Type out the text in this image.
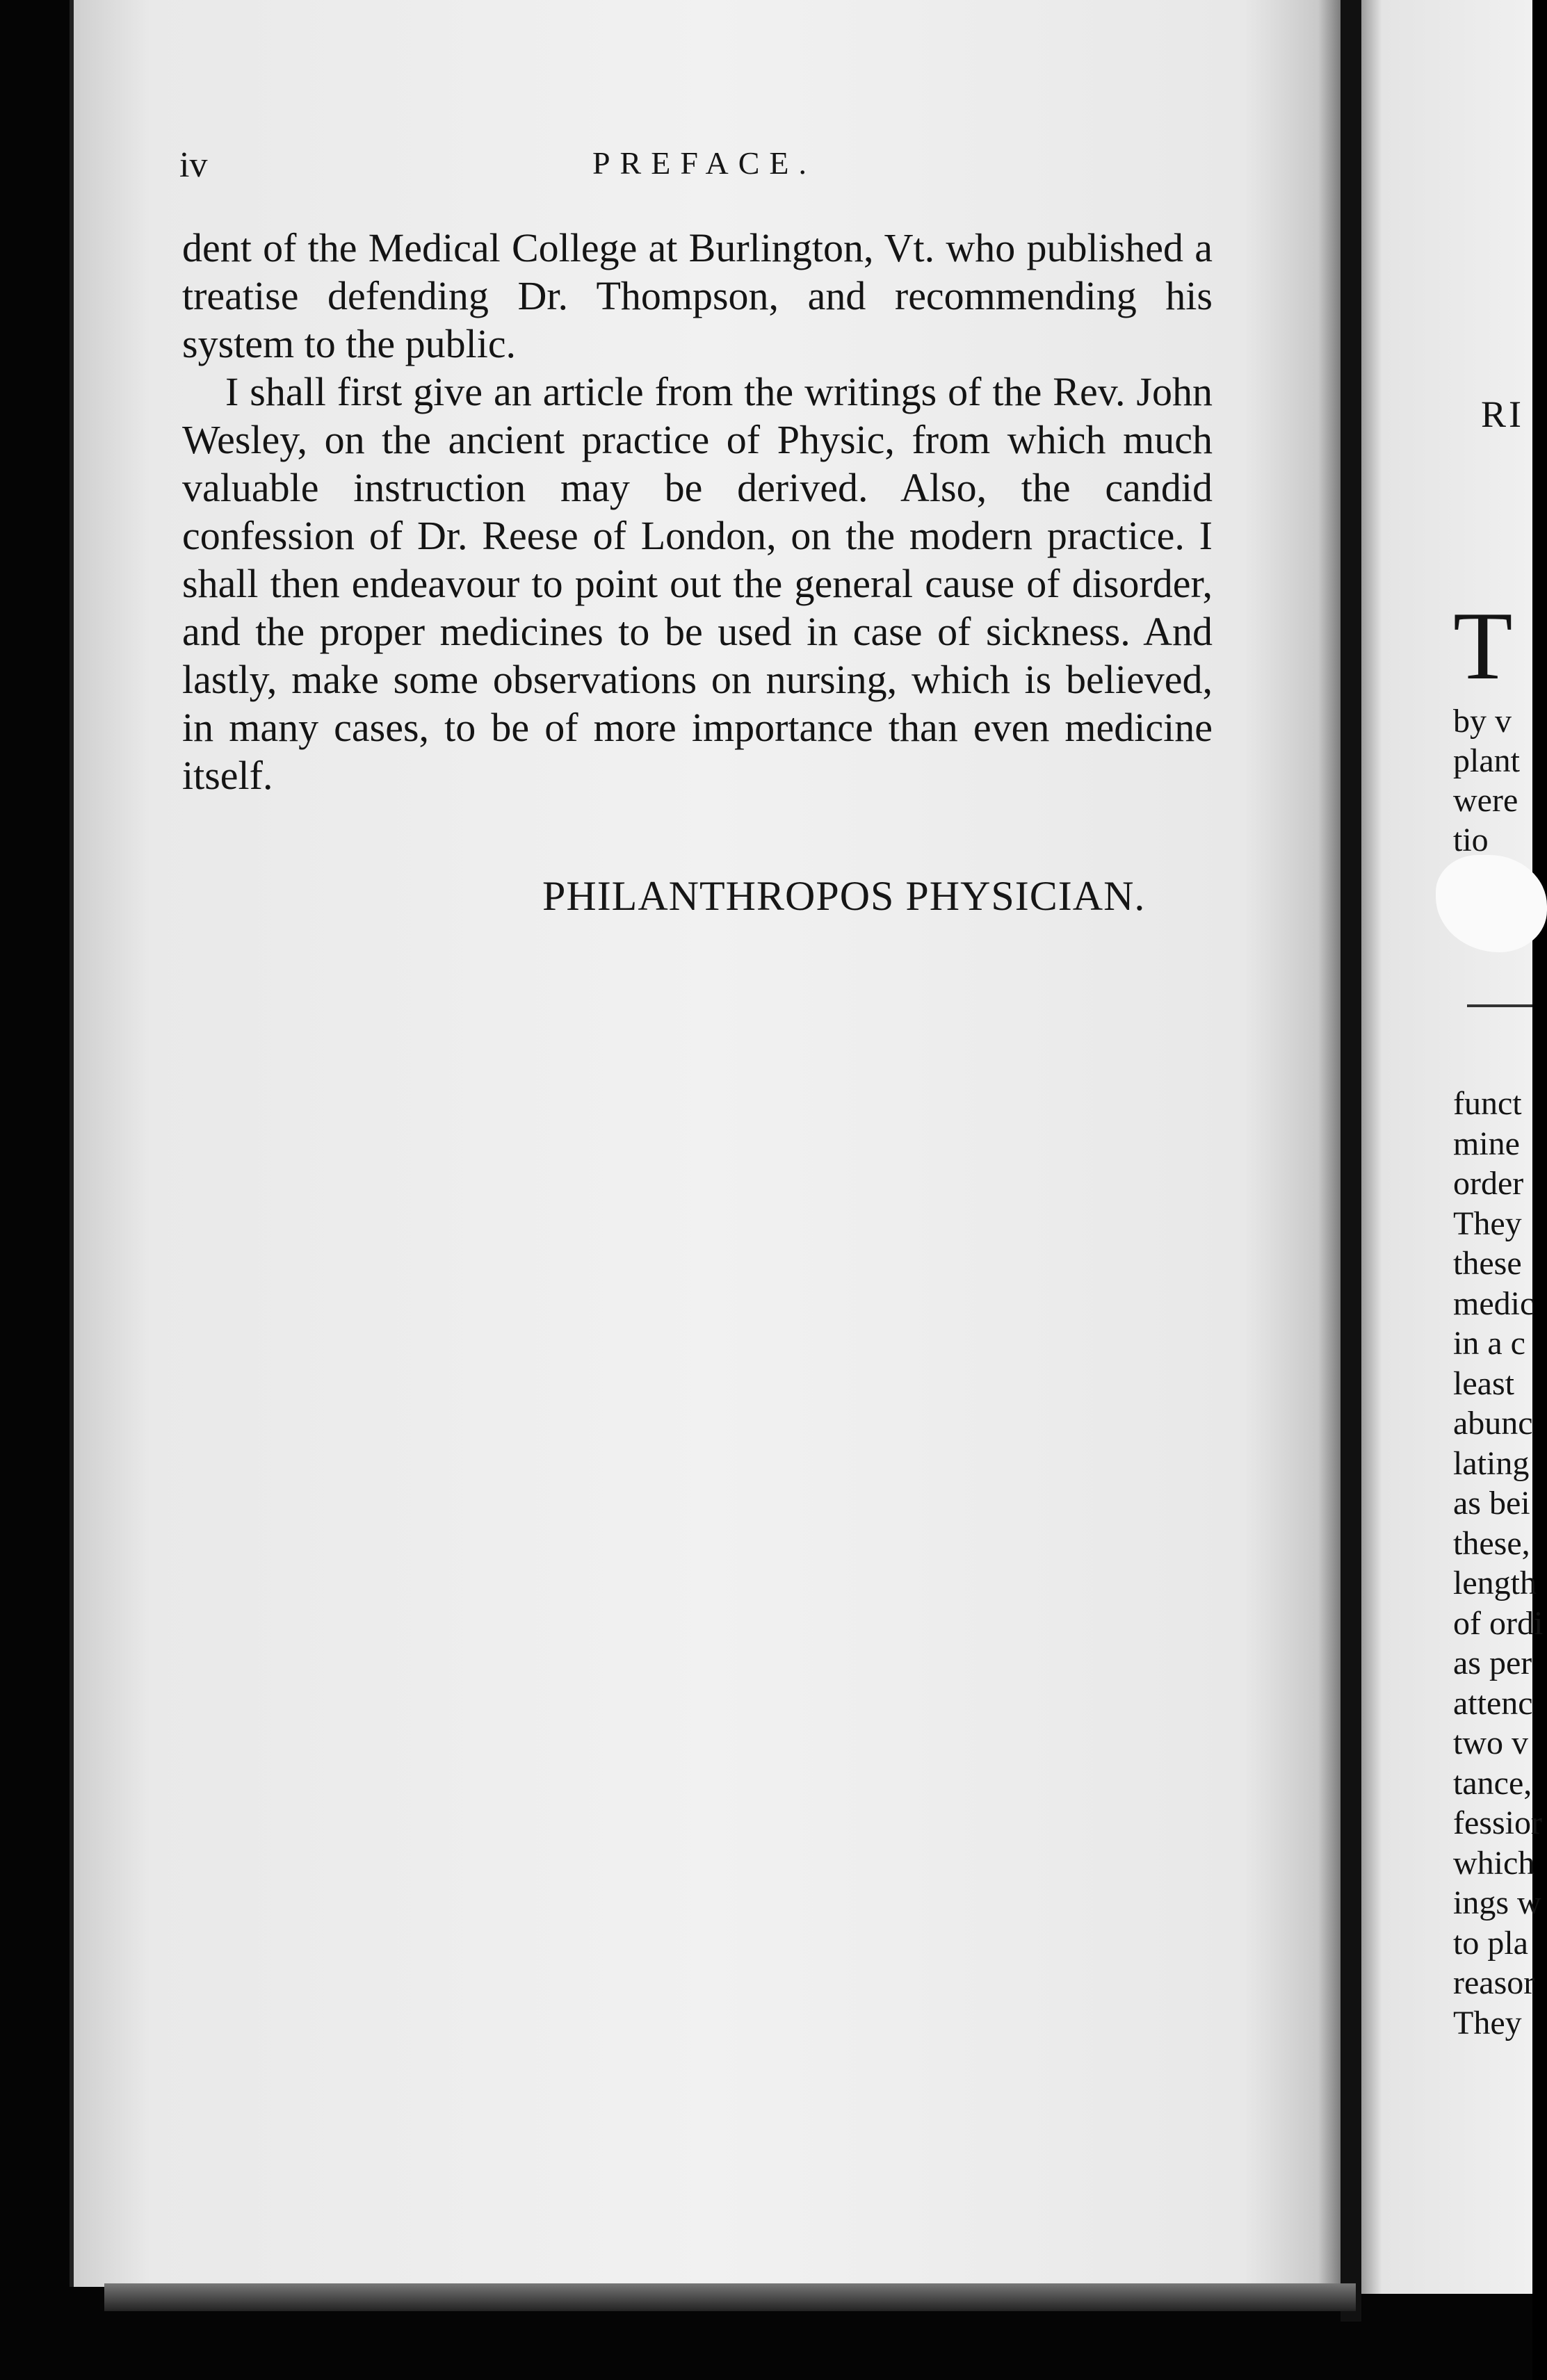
iv	PREFACE.

dent of the Medical College at Burlington, Vt. who published a treatise defending Dr. Thompson, and recommending his system to the public.

I shall first give an article from the writings of the Rev. John Wesley, on the ancient practice of Physic, from which much valuable instruction may be derived. Also, the candid confession of Dr. Reese of London, on the modern practice. I shall then endeavour to point out the general cause of disorder, and the proper medicines to be used in case of sickness. And lastly, make some observations on nursing, which is believed, in many cases, to be of more importance than even medicine itself.

PHILANTHROPOS PHYSICIAN.
RI
T
by v
plant
were
tio
funct
mine
order
They
these
medic
in a c
least
abunc
lating
as bei
these,
length
of ordi
as per
attenc
two v
tance,
fessior
which
ings w
to pla
reasor
They
